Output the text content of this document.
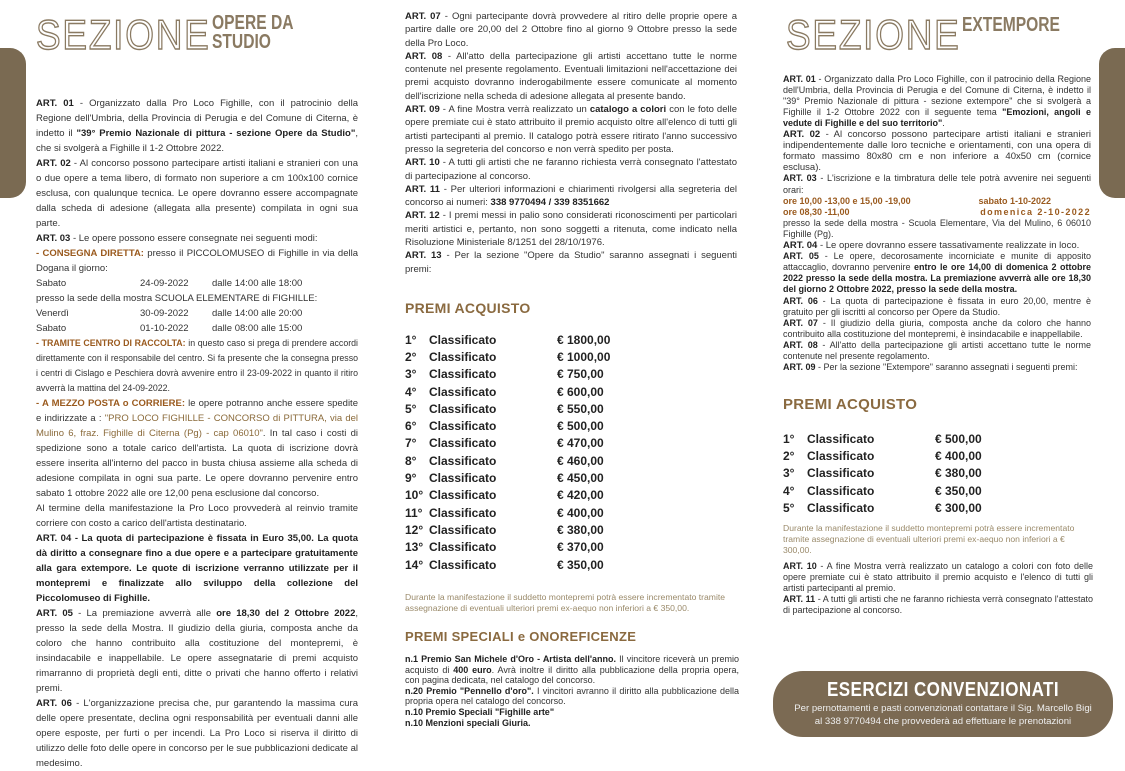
SEZIONE OPERE DA
STUDIO

ART. 01 - Organizzato dalla Pro Loco Fighille, con il patrocinio della Regione dell'Umbria, della Provincia di Perugia e del Comune di Citerna, è indetto il "39° Premio Nazionale di pittura - sezione Opere da Studio", che si svolgerà a Fighille il 1-2 Ottobre 2022.

ART. 02 - Al concorso possono partecipare artisti italiani e stranieri con una o due opere a tema libero, di formato non superiore a cm 100x100 cornice esclusa, con qualunque tecnica. Le opere dovranno essere accompagnate dalla scheda di adesione (allegata alla presente) compilata in ogni sua parte.

ART. 03 - Le opere possono essere consegnate nei seguenti modi:

- CONSEGNA DIRETTA: presso il PICCOLOMUSEO di Fighille in via della Dogana il giorno:

Sabato	24-09-2022	dalle 14:00 alle 18:00

presso la sede della mostra SCUOLA ELEMENTARE di FIGHILLE:

Venerdì	30-09-2022	dalle 14:00 alle 20:00
Sabato	01-10-2022	dalle 08:00 alle 15:00

- TRAMITE CENTRO DI RACCOLTA: in questo caso si prega di prendere accordi direttamente con il responsabile del centro. Si fa presente che la consegna presso i centri di Cislago e Peschiera dovrà avvenire entro il 23-09-2022 in quanto il ritiro avverrà la mattina del 24-09-2022.

- A MEZZO POSTA o CORRIERE: le opere potranno anche essere spedite e indirizzate a : "PRO LOCO FIGHILLE - CONCORSO di PITTURA, via del Mulino 6, fraz. Fighille di Citerna (Pg) - cap 06010". In tal caso i costi di spedizione sono a totale carico dell'artista. La quota di iscrizione dovrà essere inserita all'interno del pacco in busta chiusa assieme alla scheda di adesione compilata in ogni sua parte. Le opere dovranno pervenire entro sabato 1 ottobre 2022 alle ore 12,00 pena esclusione dal concorso.

Al termine della manifestazione la Pro Loco provvederà al reinvio tramite corriere con costo a carico dell'artista destinatario.

ART. 04 - La quota di partecipazione è fissata in Euro 35,00. La quota dà diritto a consegnare fino a due opere e a partecipare gratuitamente alla gara extempore. Le quote di iscrizione verranno utilizzate per il montepremi e finalizzate allo sviluppo della collezione del Piccolomuseo di Fighille.

ART. 05 - La premiazione avverrà alle ore 18,30 del 2 Ottobre 2022, presso la sede della Mostra. Il giudizio della giuria, composta anche da coloro che hanno contribuito alla costituzione del montepremi, è insindacabile e inappellabile. Le opere assegnatarie di premi acquisto rimarranno di proprietà degli enti, ditte o privati che hanno offerto i relativi premi.

ART. 06 - L'organizzazione precisa che, pur garantendo la massima cura delle opere presentate, declina ogni responsabilità per eventuali danni alle opere esposte, per furti o per incendi. La Pro Loco si riserva il diritto di utilizzo delle foto delle opere in concorso per le sue pubblicazioni dedicate al medesimo.

ART. 07 - Ogni partecipante dovrà provvedere al ritiro delle proprie opere a partire dalle ore 20,00 del 2 Ottobre fino al giorno 9 Ottobre presso la sede della Pro Loco.

ART. 08 - All'atto della partecipazione gli artisti accettano tutte le norme contenute nel presente regolamento. Eventuali limitazioni nell'accettazione dei premi acquisto dovranno inderogabilmente essere comunicate al momento dell'iscrizione nella scheda di adesione allegata al presente bando.

ART. 09 - A fine Mostra verrà realizzato un catalogo a colori con le foto delle opere premiate cui è stato attribuito il premio acquisto oltre all'elenco di tutti gli artisti partecipanti al premio. Il catalogo potrà essere ritirato l'anno successivo presso la segreteria del concorso e non verrà spedito per posta.

ART. 10 - A tutti gli artisti che ne faranno richiesta verrà consegnato l'attestato di partecipazione al concorso.

ART. 11 - Per ulteriori informazioni e chiarimenti rivolgersi alla segreteria del concorso ai numeri: 338 9770494 / 339 8351662

ART. 12 - I premi messi in palio sono considerati riconoscimenti per particolari meriti artistici e, pertanto, non sono soggetti a ritenuta, come indicato nella Risoluzione Ministeriale 8/1251 del 28/10/1976.

ART. 13 - Per la sezione "Opere da Studio" saranno assegnati i seguenti premi:

PREMI ACQUISTO
1°	Classificato	€ 1800,00
2°	Classificato	€ 1000,00
3°	Classificato	€ 750,00
4°	Classificato	€ 600,00
5°	Classificato	€ 550,00
6°	Classificato	€ 500,00
7°	Classificato	€ 470,00
8°	Classificato	€ 460,00
9°	Classificato	€ 450,00
10° Classificato	€ 420,00
11° Classificato	€ 400,00
12° Classificato	€ 380,00
13° Classificato	€ 370,00
14° Classificato	€ 350,00
Durante la manifestazione il suddetto montepremi potrà essere incrementato tramite assegnazione di eventuali ulteriori premi ex-aequo non inferiori a € 350,00.
PREMI SPECIALI e ONOREFICENZE

n.1 Premio San Michele d'Oro - Artista dell'anno. Il vincitore riceverà un premio acquisto di 400 euro. Avrà inoltre il diritto alla pubblicazione della propria opera, con pagina dedicata, nel catalogo del concorso.

n.20 Premio "Pennello d'oro". I vincitori avranno il diritto alla pubblicazione della propria opera nel catalogo del concorso.

n.10 Premio Speciali "Fighille arte"

n.10 Menzioni speciali Giuria.

SEZIONE EXTEMPORE

ART. 01 - Organizzato dalla Pro Loco Fighille, con il patrocinio della Regione dell'Umbria, della Provincia di Perugia e del Comune di Citerna, è indetto il "39° Premio Nazionale di pittura - sezione extempore" che si svolgerà a Fighille il 1-2 Ottobre 2022 con il seguente tema "Emozioni, angoli e vedute di Fighille e del suo territorio".

ART. 02 - Al concorso possono partecipare artisti italiani e stranieri indipendentemente dalle loro tecniche e orientamenti, con una opera di formato massimo 80x80 cm e non inferiore a 40x50 cm (cornice esclusa).

ART. 03 - L'iscrizione e la timbratura delle tele potrà avvenire nei seguenti orari:

ore 10,00 -13,00 e 15,00 -19,00	sabato 1-10-2022
ore 08,30 -11,00	domenica 2-10-2022

presso la sede della mostra - Scuola Elementare, Via del Mulino, 6 06010 Fighille (Pg).

ART. 04 - Le opere dovranno essere tassativamente realizzate in loco.

ART. 05 - Le opere, decorosamente incorniciate e munite di apposito attaccaglio, dovranno pervenire entro le ore 14,00 di domenica 2 ottobre 2022 presso la sede della mostra. La premiazione avverrà alle ore 18,30 del giorno 2 Ottobre 2022, presso la sede della mostra.

ART. 06 - La quota di partecipazione è fissata in euro 20,00, mentre è gratuito per gli iscritti al concorso per Opere da Studio.

ART. 07 - Il giudizio della giuria, composta anche da coloro che hanno contribuito alla costituzione del montepremi, è insindacabile e inappellabile.

ART. 08 - All'atto della partecipazione gli artisti accettano tutte le norme contenute nel presente regolamento.

ART. 09 - Per la sezione "Extempore" saranno assegnati i seguenti premi:

PREMI ACQUISTO
1°	Classificato	€ 500,00
2°	Classificato	€ 400,00
3°	Classificato	€ 380,00
4°	Classificato	€ 350,00
5°	Classificato	€ 300,00
Durante la manifestazione il suddetto montepremi potrà essere incrementato tramite assegnazione di eventuali ulteriori premi ex-aequo non inferiori a € 300,00.

ART. 10 - A fine Mostra verrà realizzato un catalogo a colori con foto delle opere premiate cui è stato attribuito il premio acquisto e l'elenco di tutti gli artisti partecipanti al premio.

ART. 11 - A tutti gli artisti che ne faranno richiesta verrà consegnato l'attestato di partecipazione al concorso.

ESERCIZI CONVENZIONATI
Per pernottamenti e pasti convenzionati contattare il Sig. Marcello Bigi
al 338 9770494 che provvederà ad effettuare le prenotazioni
